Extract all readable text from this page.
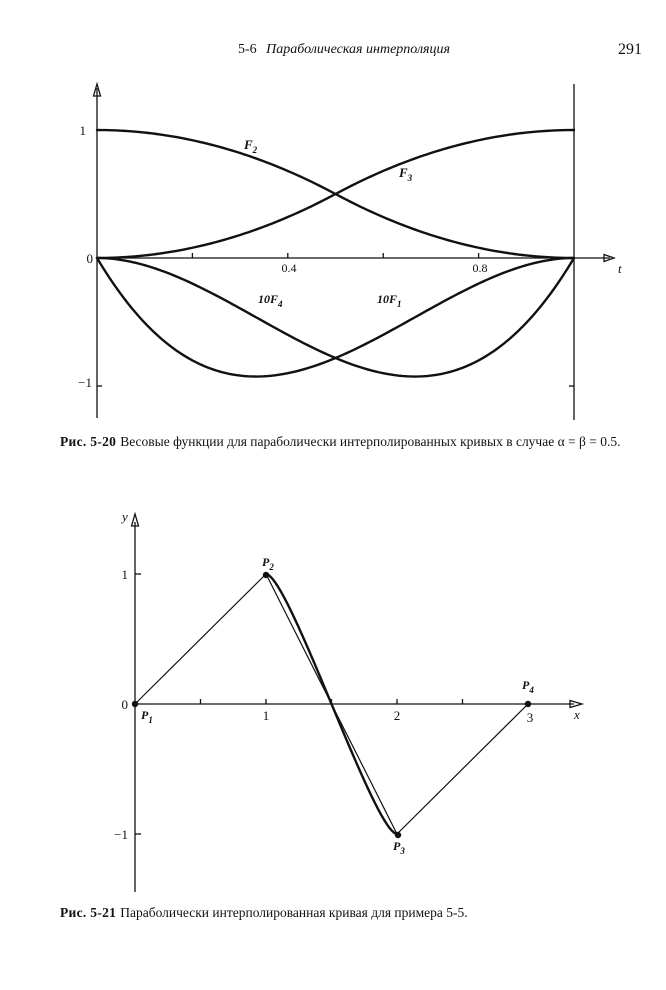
5-6 Параболическая интерполяция	291
1
0
−1
0.4	0.8	t
$F_2$
$F_3$
$10F_4$	$10F_1$
Рис. 5-20 Весовые функции для параболически интерполированных кривых в случае α = β = 0.5.
y
x
1
0
−1
1	2	3
$P_1$
$P_2$
$P_3$
$P_4$
Рис. 5-21 Параболически интерполированная кривая для примера 5-5.
